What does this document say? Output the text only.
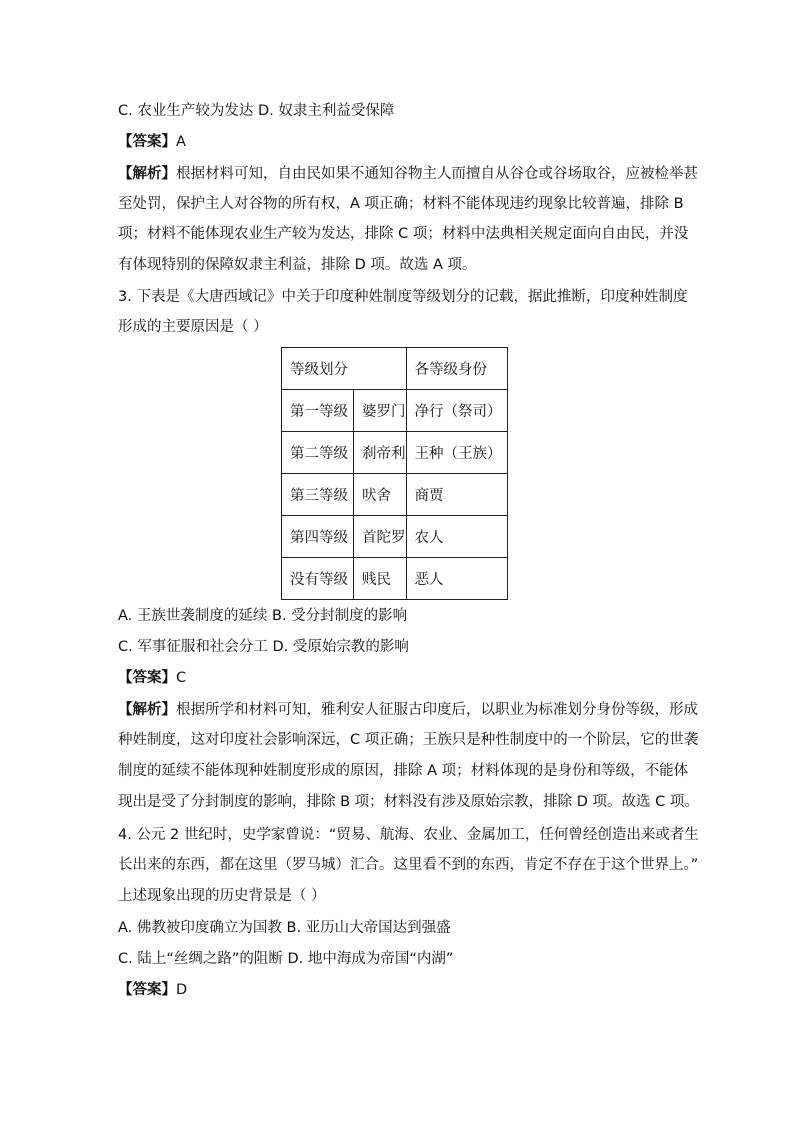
C. 农业生产较为发达 D. 奴隶主利益受保障
【答案】A
【解析】根据材料可知，自由民如果不通知谷物主人而擅自从谷仓或谷场取谷，应被检举甚
至处罚，保护主人对谷物的所有权，A 项正确；材料不能体现违约现象比较普遍，排除 B
项；材料不能体现农业生产较为发达，排除 C 项；材料中法典相关规定面向自由民，并没
有体现特别的保障奴隶主利益，排除 D 项。故选 A 项。
3. 下表是《大唐西域记》中关于印度种姓制度等级划分的记载，据此推断，印度种姓制度
形成的主要原因是（ ）
等级划分		各等级身份
第一等级	婆罗门	净行（祭司）
第二等级	刹帝利	王种（王族）
第三等级	吠舍	商贾
第四等级	首陀罗	农人
没有等级	贱民	恶人
A. 王族世袭制度的延续 B. 受分封制度的影响
C. 军事征服和社会分工 D. 受原始宗教的影响
【答案】C
【解析】根据所学和材料可知，雅利安人征服古印度后，以职业为标准划分身份等级，形成
种姓制度，这对印度社会影响深远，C 项正确；王族只是种性制度中的一个阶层，它的世袭
制度的延续不能体现种姓制度形成的原因，排除 A 项；材料体现的是身份和等级，不能体
现出是受了分封制度的影响，排除 B 项；材料没有涉及原始宗教，排除 D 项。故选 C 项。
4. 公元 2 世纪时，史学家曾说：“贸易、航海、农业、金属加工，任何曾经创造出来或者生
长出来的东西，都在这里（罗马城）汇合。这里看不到的东西，肯定不存在于这个世界上。”
上述现象出现的历史背景是（ ）
A. 佛教被印度确立为国教 B. 亚历山大帝国达到强盛
C. 陆上“丝绸之路”的阻断 D. 地中海成为帝国“内湖”
【答案】D
